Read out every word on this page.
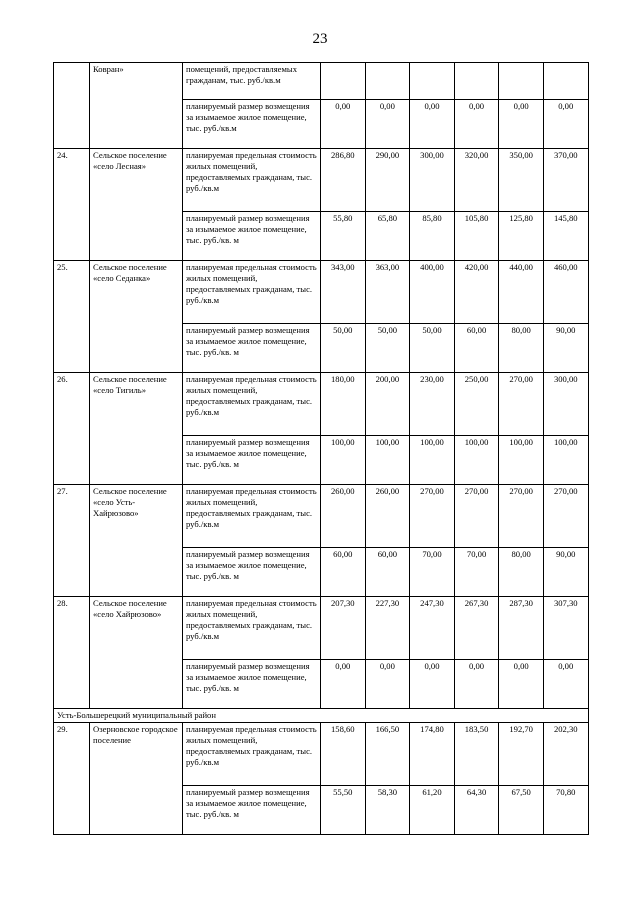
23
	Ковран»	помещений, предоставляемых гражданам, тыс. руб./кв.м						
		планируемый размер возмещения за изымаемое жилое помещение, тыс. руб./кв.м	0,00	0,00	0,00	0,00	0,00	0,00
24.	Сельское поселение «село Лесная»	планируемая предельная стоимость жилых помещений, предоставляемых гражданам, тыс. руб./кв.м	286,80	290,00	300,00	320,00	350,00	370,00
		планируемый размер возмещения за изымаемое жилое помещение, тыс. руб./кв. м	55,80	65,80	85,80	105,80	125,80	145,80
25.	Сельское поселение «село Седанка»	планируемая предельная стоимость жилых помещений, предоставляемых гражданам, тыс. руб./кв.м	343,00	363,00	400,00	420,00	440,00	460,00
		планируемый размер возмещения за изымаемое жилое помещение, тыс. руб./кв. м	50,00	50,00	50,00	60,00	80,00	90,00
26.	Сельское поселение «село Тигиль»	планируемая предельная стоимость жилых помещений, предоставляемых гражданам, тыс. руб./кв.м	180,00	200,00	230,00	250,00	270,00	300,00
		планируемый размер возмещения за изымаемое жилое помещение, тыс. руб./кв. м	100,00	100,00	100,00	100,00	100,00	100,00
27.	Сельское поселение «село Усть-Хайрюзово»	планируемая предельная стоимость жилых помещений, предоставляемых гражданам, тыс. руб./кв.м	260,00	260,00	270,00	270,00	270,00	270,00
		планируемый размер возмещения за изымаемое жилое помещение, тыс. руб./кв. м	60,00	60,00	70,00	70,00	80,00	90,00
28.	Сельское поселение «село Хайрюзово»	планируемая предельная стоимость жилых помещений, предоставляемых гражданам, тыс. руб./кв.м	207,30	227,30	247,30	267,30	287,30	307,30
		планируемый размер возмещения за изымаемое жилое помещение, тыс. руб./кв. м	0,00	0,00	0,00	0,00	0,00	0,00
Усть-Большерецкий муниципальный район								
29.	Озерновское городское поселение	планируемая предельная стоимость жилых помещений, предоставляемых гражданам, тыс. руб./кв.м	158,60	166,50	174,80	183,50	192,70	202,30
		планируемый размер возмещения за изымаемое жилое помещение, тыс. руб./кв. м	55,50	58,30	61,20	64,30	67,50	70,80
